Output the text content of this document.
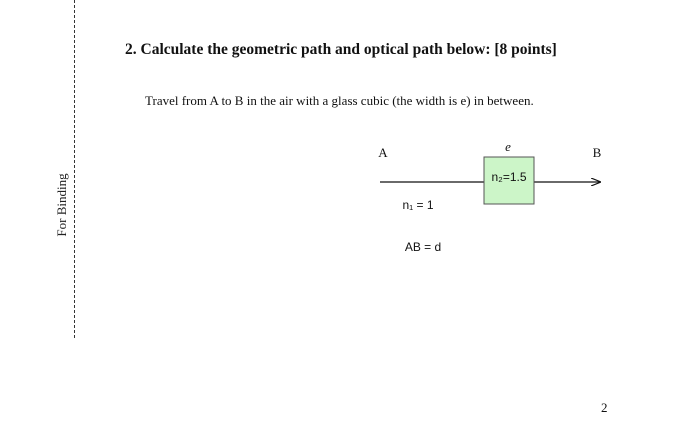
For Binding
2. Calculate the geometric path and optical path below: [8 points]
Travel from A to B in the air with a glass cubic (the width is e) in between.
A	B
e
n₂=1.5
n₁ = 1
AB = d
2
